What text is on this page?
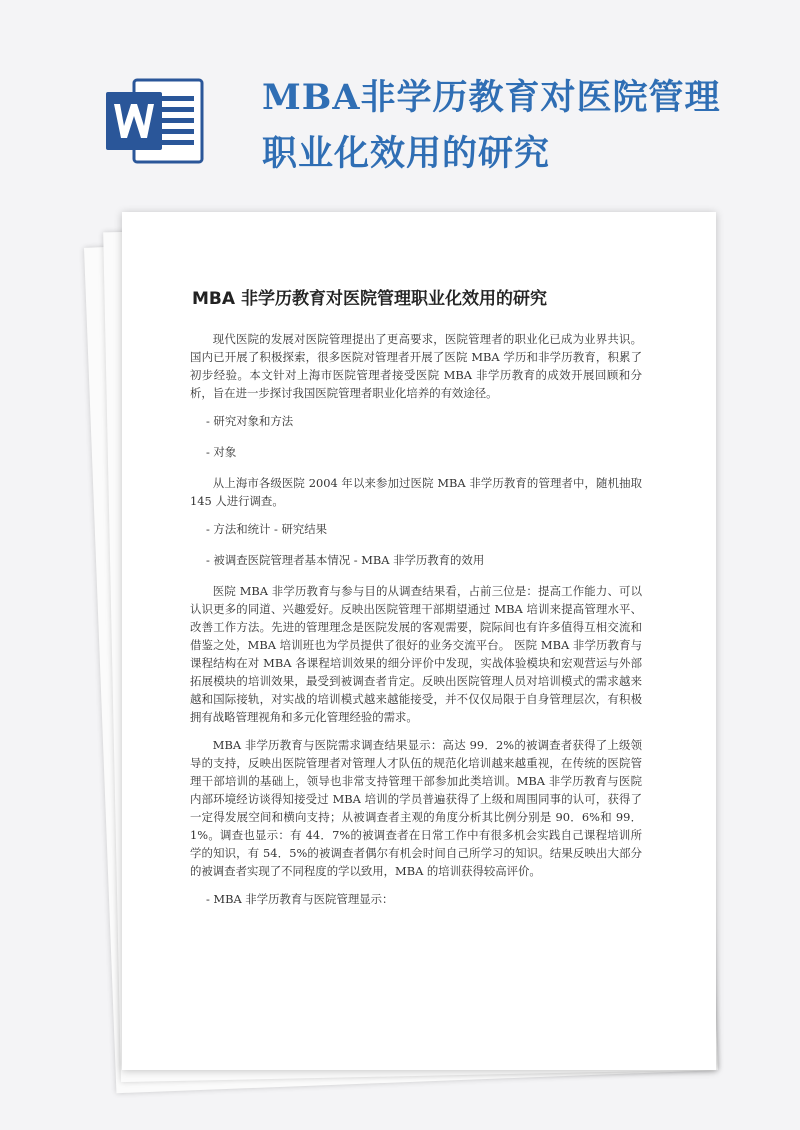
MBA非学历教育对医院管理
职业化效用的研究
MBA 非学历教育对医院管理职业化效用的研究

现代医院的发展对医院管理提出了更高要求，医院管理者的职业化已成为业界共识。国内已开展了积极探索，很多医院对管理者开展了医院 MBA 学历和非学历教育，积累了初步经验。本文针对上海市医院管理者接受医院 MBA 非学历教育的成效开展回顾和分析，旨在进一步探讨我国医院管理者职业化培养的有效途径。

- 研究对象和方法

- 对象

从上海市各级医院 2004 年以来参加过医院 MBA 非学历教育的管理者中，随机抽取 145 人进行调查。

- 方法和统计 - 研究结果

- 被调查医院管理者基本情况 - MBA 非学历教育的效用

医院 MBA 非学历教育与参与目的从调查结果看，占前三位是：提高工作能力、可以认识更多的同道、兴趣爱好。反映出医院管理干部期望通过 MBA 培训来提高管理水平、改善工作方法。先进的管理理念是医院发展的客观需要，院际间也有许多值得互相交流和借鉴之处，MBA 培训班也为学员提供了很好的业务交流平台。 医院 MBA 非学历教育与课程结构在对 MBA 各课程培训效果的细分评价中发现，实战体验模块和宏观营运与外部拓展模块的培训效果，最受到被调查者肯定。反映出医院管理人员对培训模式的需求越来越和国际接轨，对实战的培训模式越来越能接受，并不仅仅局限于自身管理层次，有积极拥有战略管理视角和多元化管理经验的需求。

MBA 非学历教育与医院需求调查结果显示：高达 99．2%的被调查者获得了上级领导的支持，反映出医院管理者对管理人才队伍的规范化培训越来越重视，在传统的医院管理干部培训的基础上，领导也非常支持管理干部参加此类培训。MBA 非学历教育与医院内部环境经访谈得知接受过 MBA 培训的学员普遍获得了上级和周围同事的认可，获得了一定得发展空间和横向支持；从被调查者主观的角度分析其比例分别是 90．6%和 99．1%。调查也显示：有 44．7%的被调查者在日常工作中有很多机会实践自己课程培训所学的知识，有 54．5%的被调查者偶尔有机会时间自己所学习的知识。结果反映出大部分的被调查者实现了不同程度的学以致用，MBA 的培训获得较高评价。

- MBA 非学历教育与医院管理显示：
